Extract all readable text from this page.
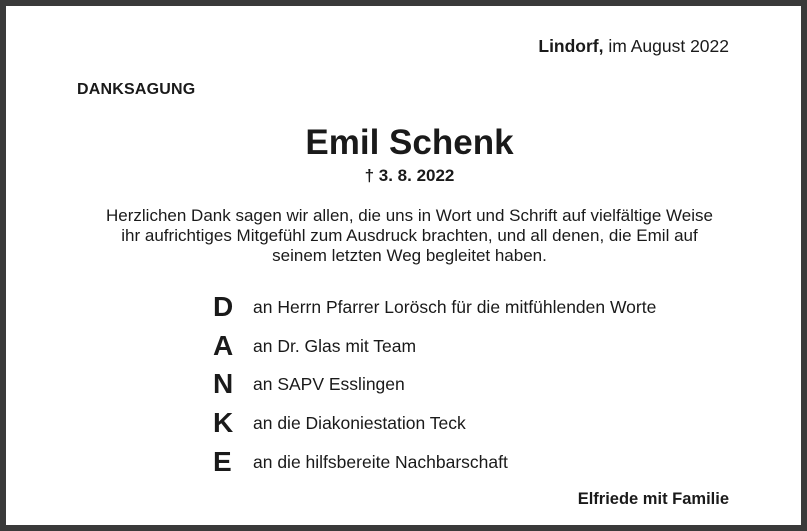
Lindorf, im August 2022
DANKSAGUNG
Emil Schenk
† 3. 8. 2022
Herzlichen Dank sagen wir allen, die uns in Wort und Schrift auf vielfältige Weise
ihr aufrichtiges Mitgefühl zum Ausdruck brachten, und all denen, die Emil auf
seinem letzten Weg begleitet haben.
D	an Herrn Pfarrer Lorösch für die mitfühlenden Worte
A	an Dr. Glas mit Team
N	an SAPV Esslingen
K	an die Diakoniestation Teck
E	an die hilfsbereite Nachbarschaft
Elfriede mit Familie
